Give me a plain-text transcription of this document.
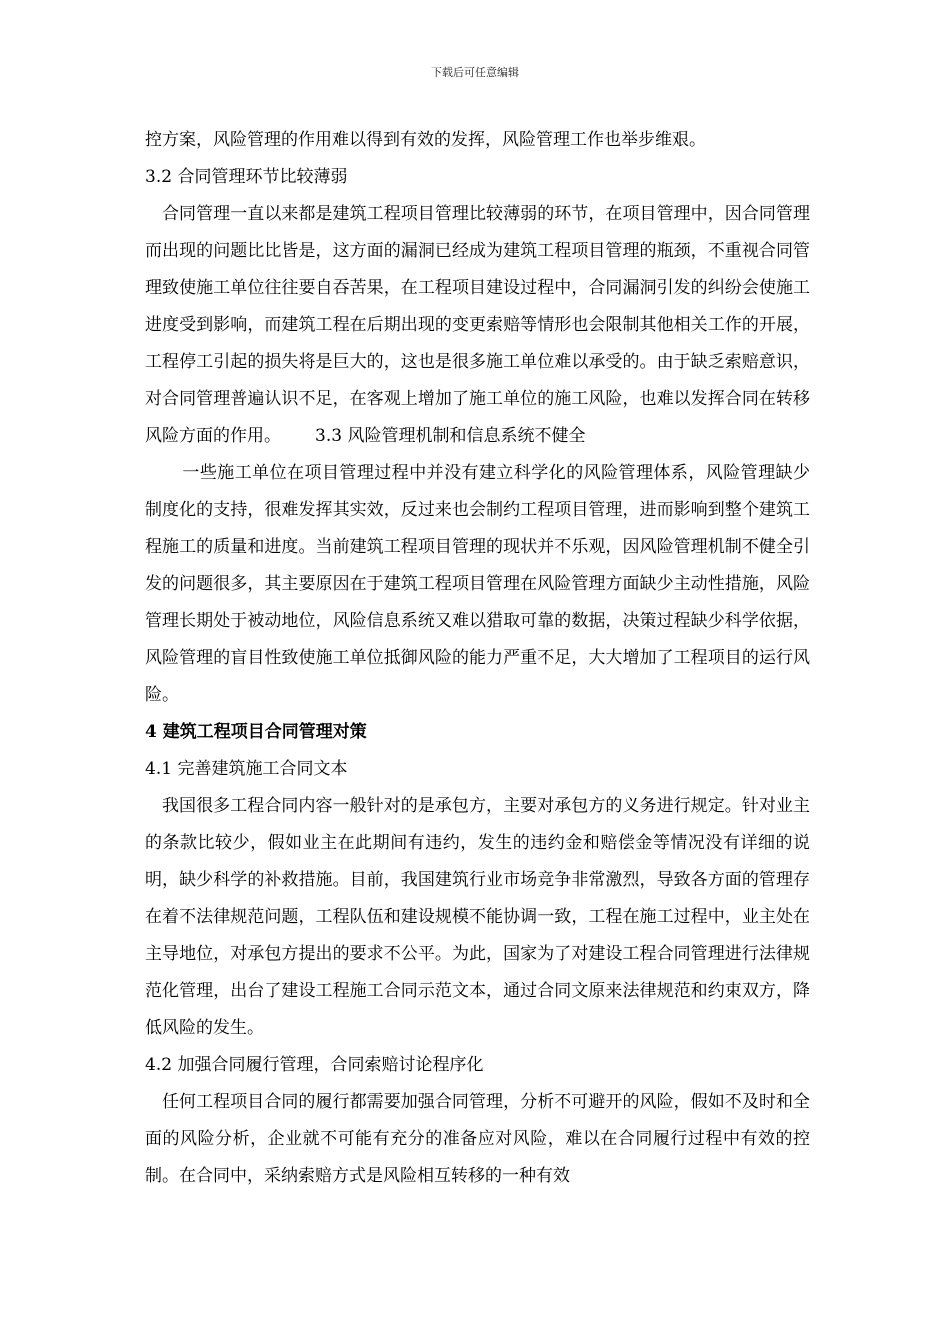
下载后可任意编辑

控方案，风险管理的作用难以得到有效的发挥，风险管理工作也举步维艰。

3.2 合同管理环节比较薄弱

合同管理一直以来都是建筑工程项目管理比较薄弱的环节，在项目管理中，因合同管理而出现的问题比比皆是，这方面的漏洞已经成为建筑工程项目管理的瓶颈，不重视合同管理致使施工单位往往要自吞苦果，在工程项目建设过程中，合同漏洞引发的纠纷会使施工进度受到影响，而建筑工程在后期出现的变更索赔等情形也会限制其他相关工作的开展，工程停工引起的损失将是巨大的，这也是很多施工单位难以承受的。由于缺乏索赔意识，对合同管理普遍认识不足，在客观上增加了施工单位的施工风险，也难以发挥合同在转移风险方面的作用。 3.3 风险管理机制和信息系统不健全

一些施工单位在项目管理过程中并没有建立科学化的风险管理体系，风险管理缺少制度化的支持，很难发挥其实效，反过来也会制约工程项目管理，进而影响到整个建筑工程施工的质量和进度。当前建筑工程项目管理的现状并不乐观，因风险管理机制不健全引发的问题很多，其主要原因在于建筑工程项目管理在风险管理方面缺少主动性措施，风险管理长期处于被动地位，风险信息系统又难以猎取可靠的数据，决策过程缺少科学依据，风险管理的盲目性致使施工单位抵御风险的能力严重不足，大大增加了工程项目的运行风险。

4 建筑工程项目合同管理对策

4.1 完善建筑施工合同文本

我国很多工程合同内容一般针对的是承包方，主要对承包方的义务进行规定。针对业主的条款比较少，假如业主在此期间有违约，发生的违约金和赔偿金等情况没有详细的说明，缺少科学的补救措施。目前，我国建筑行业市场竞争非常激烈，导致各方面的管理存在着不法律规范问题，工程队伍和建设规模不能协调一致，工程在施工过程中，业主处在主导地位，对承包方提出的要求不公平。为此，国家为了对建设工程合同管理进行法律规范化管理，出台了建设工程施工合同示范文本，通过合同文原来法律规范和约束双方，降低风险的发生。

4.2 加强合同履行管理，合同索赔讨论程序化

任何工程项目合同的履行都需要加强合同管理，分析不可避开的风险，假如不及时和全面的风险分析，企业就不可能有充分的准备应对风险，难以在合同履行过程中有效的控制。在合同中，采纳索赔方式是风险相互转移的一种有效
